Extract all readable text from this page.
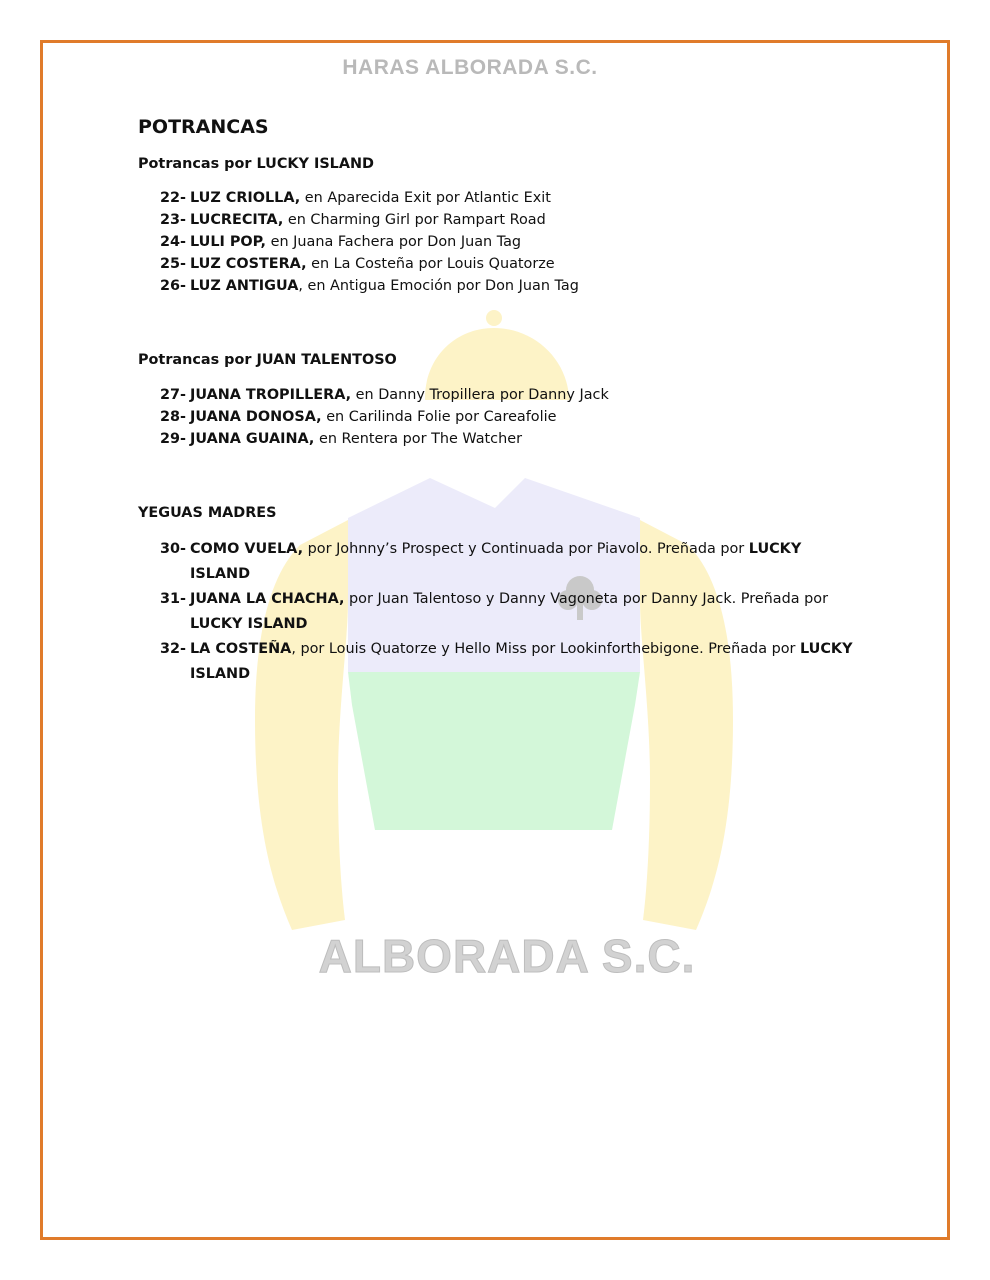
ALBORADA S.C.
HARAS ALBORADA S.C.
POTRANCAS
Potrancas por LUCKY ISLAND
22- LUZ CRIOLLA, en Aparecida Exit por Atlantic Exit
23- LUCRECITA, en Charming Girl por Rampart Road
24- LULI POP, en Juana Fachera por Don Juan Tag
25- LUZ COSTERA, en La Costeña por Louis Quatorze
26- LUZ ANTIGUA, en Antigua Emoción por Don Juan Tag
Potrancas por JUAN TALENTOSO
27- JUANA TROPILLERA, en Danny Tropillera por Danny Jack
28- JUANA DONOSA, en Carilinda Folie por Careafolie
29- JUANA GUAINA, en Rentera por The Watcher
YEGUAS MADRES
30- COMO VUELA, por Johnny’s Prospect y Continuada por Piavolo. Preñada por LUCKY ISLAND
31- JUANA LA CHACHA, por Juan Talentoso y Danny Vagoneta por Danny Jack. Preñada por LUCKY ISLAND
32- LA COSTEÑA, por Louis Quatorze y Hello Miss por Lookinforthebigone. Preñada por LUCKY ISLAND
